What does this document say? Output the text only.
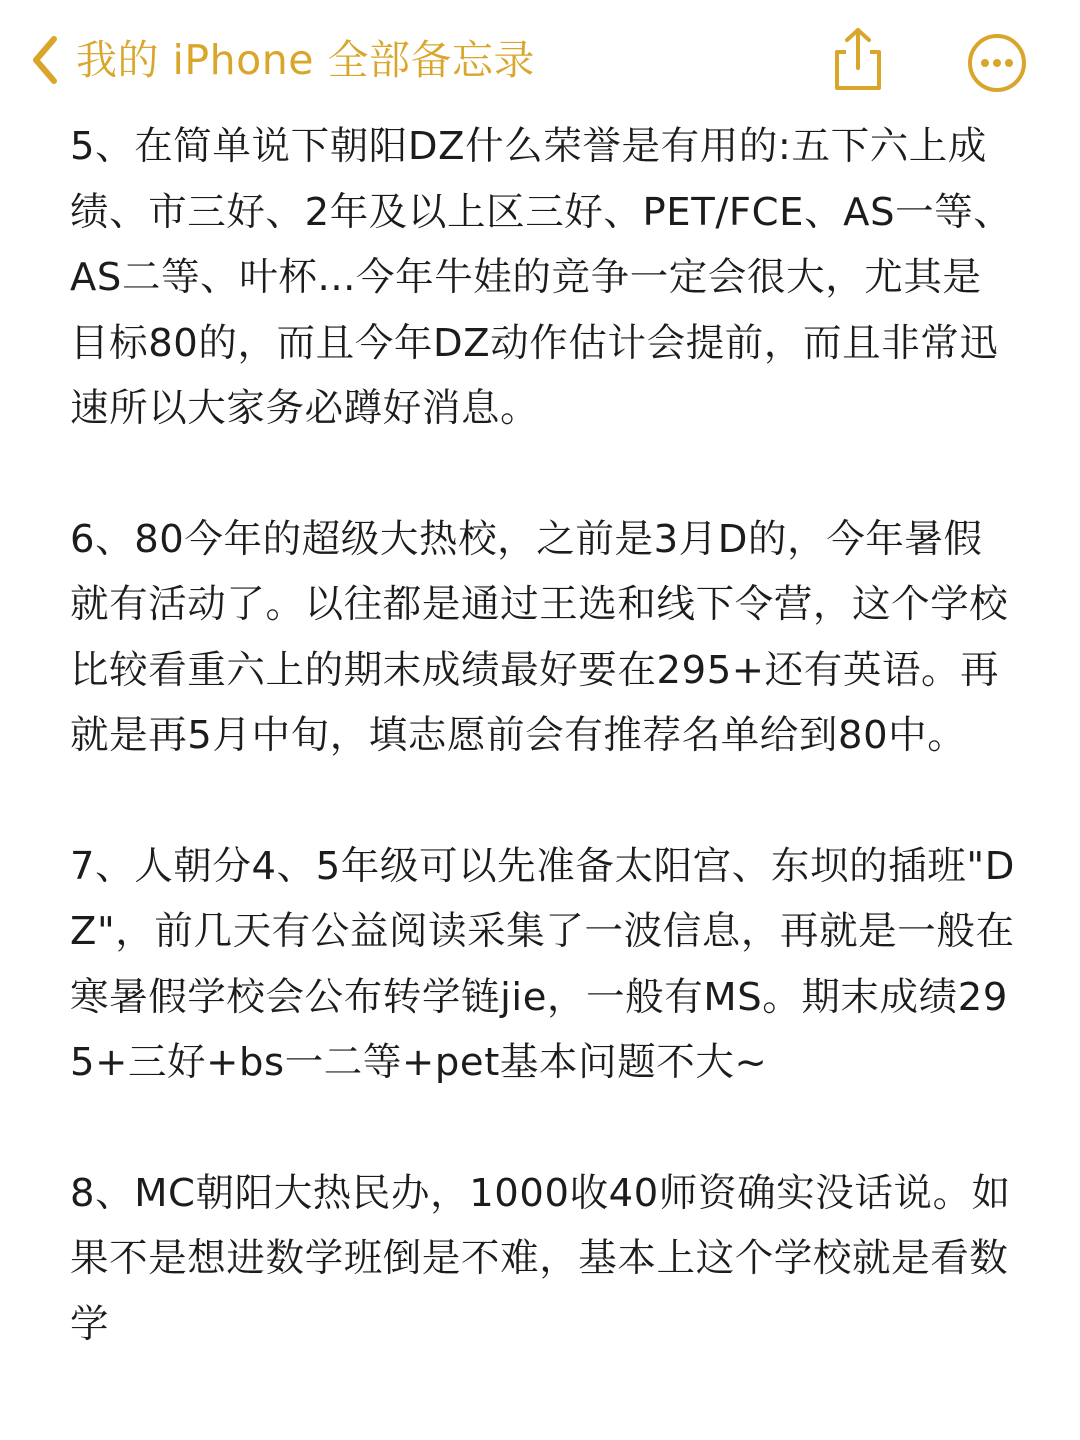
我的 iPhone 全部备忘录

5、在简单说下朝阳DZ什么荣誉是有用的:五下六上成绩、市三好、2年及以上区三好、PET/FCE、AS一等、AS二等、叶杯...今年牛娃的竞争一定会很大，尤其是目标80的，而且今年DZ动作估计会提前，而且非常迅速所以大家务必蹲好消息。

6、80今年的超级大热校，之前是3月D的，今年暑假就有活动了。以往都是通过王选和线下令营，这个学校比较看重六上的期末成绩最好要在295+还有英语。再就是再5月中旬，填志愿前会有推荐名单给到80中。

7、人朝分4、5年级可以先准备太阳宫、东坝的插班"DZ"，前几天有公益阅读采集了一波信息，再就是一般在寒暑假学校会公布转学链jie，一般有MS。期末成绩295+三好+bs一二等+pet基本问题不大~

8、MC朝阳大热民办，1000收40师资确实没话说。如果不是想进数学班倒是不难，基本上这个学校就是看数学
